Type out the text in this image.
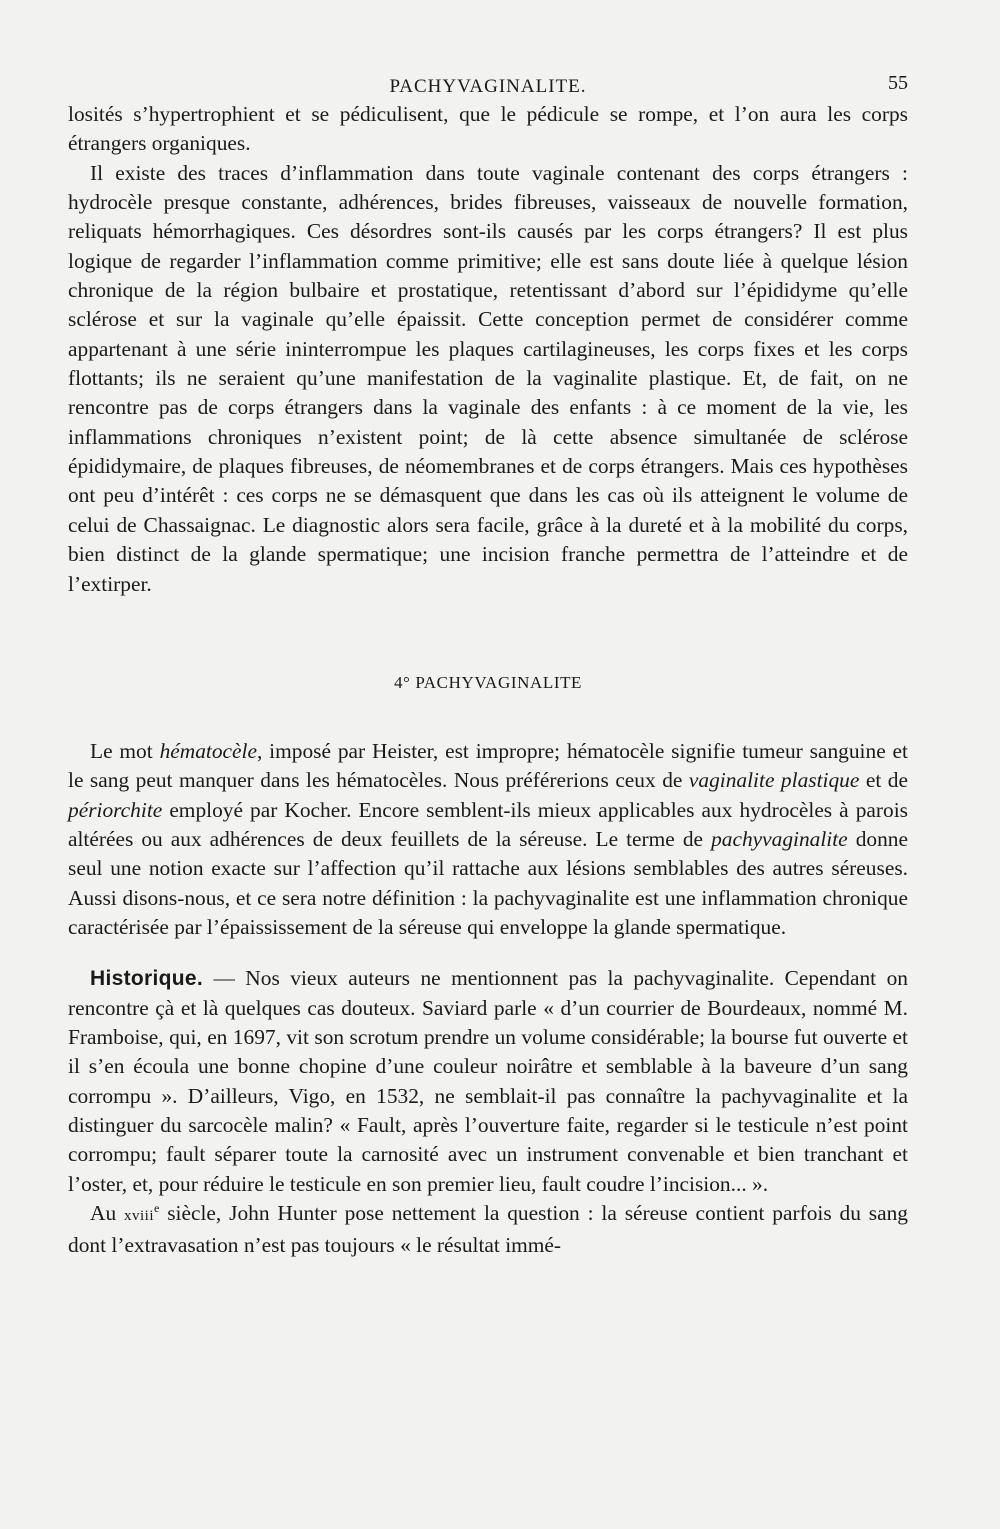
PACHYVAGINALITE.	55

losités s’hypertrophient et se pédiculisent, que le pédicule se rompe, et l’on aura les corps étrangers organiques.

Il existe des traces d’inflammation dans toute vaginale contenant des corps étrangers : hydrocèle presque constante, adhérences, brides fibreuses, vaisseaux de nouvelle formation, reliquats hémorrhagiques. Ces désordres sont-ils causés par les corps étrangers? Il est plus logique de regarder l’inflammation comme primitive; elle est sans doute liée à quelque lésion chronique de la région bulbaire et prostatique, retentissant d’abord sur l’épididyme qu’elle sclérose et sur la vaginale qu’elle épaissit. Cette conception permet de considérer comme appartenant à une série ininterrompue les plaques cartilagineuses, les corps fixes et les corps flottants; ils ne seraient qu’une manifestation de la vaginalite plastique. Et, de fait, on ne rencontre pas de corps étrangers dans la vaginale des enfants : à ce moment de la vie, les inflammations chroniques n’existent point; de là cette absence simultanée de sclérose épididymaire, de plaques fibreuses, de néomembranes et de corps étrangers. Mais ces hypothèses ont peu d’intérêt : ces corps ne se démasquent que dans les cas où ils atteignent le volume de celui de Chassaignac. Le diagnostic alors sera facile, grâce à la dureté et à la mobilité du corps, bien distinct de la glande spermatique; une incision franche permettra de l’atteindre et de l’extirper.

4° PACHYVAGINALITE

Le mot hématocèle, imposé par Heister, est impropre; hématocèle signifie tumeur sanguine et le sang peut manquer dans les hématocèles. Nous préférerions ceux de vaginalite plastique et de périorchite employé par Kocher. Encore semblent-ils mieux applicables aux hydrocèles à parois altérées ou aux adhérences de deux feuillets de la séreuse. Le terme de pachyvaginalite donne seul une notion exacte sur l’affection qu’il rattache aux lésions semblables des autres séreuses. Aussi disons-nous, et ce sera notre définition : la pachyvaginalite est une inflammation chronique caractérisée par l’épaississement de la séreuse qui enveloppe la glande spermatique.

Historique. — Nos vieux auteurs ne mentionnent pas la pachyvaginalite. Cependant on rencontre çà et là quelques cas douteux. Saviard parle « d’un courrier de Bourdeaux, nommé M. Framboise, qui, en 1697, vit son scrotum prendre un volume considérable; la bourse fut ouverte et il s’en écoula une bonne chopine d’une couleur noirâtre et semblable à la baveure d’un sang corrompu ». D’ailleurs, Vigo, en 1532, ne semblait-il pas connaître la pachyvaginalite et la distinguer du sarcocèle malin? « Fault, après l’ouverture faite, regarder si le testicule n’est point corrompu; fault séparer toute la carnosité avec un instrument convenable et bien tranchant et l’oster, et, pour réduire le testicule en son premier lieu, fault coudre l’incision... ».

Au xviii$^e$ siècle, John Hunter pose nettement la question : la séreuse contient parfois du sang dont l’extravasation n’est pas toujours « le résultat immé-
